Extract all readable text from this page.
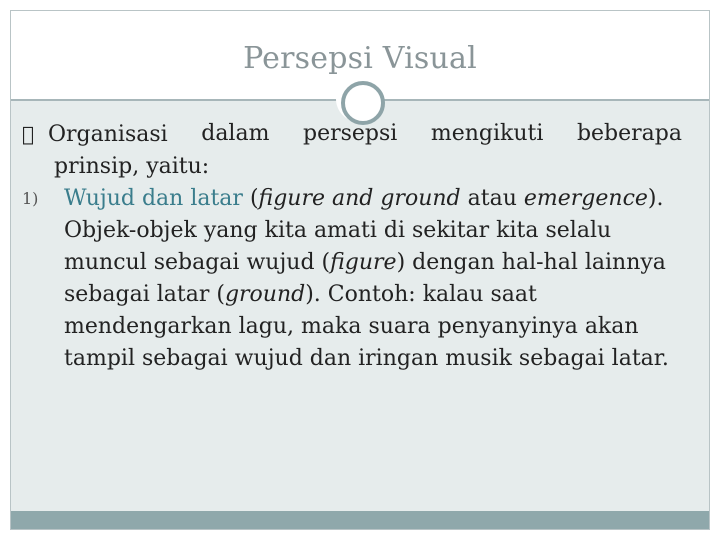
Persepsi Visual
  Organisasi dalam persepsi mengikuti beberapa
prinsip, yaitu:
1) Wujud dan latar (figure and ground atau emergence). Objek-objek yang kita amati di sekitar kita selalu muncul sebagai wujud (figure) dengan hal-hal lainnya sebagai latar (ground). Contoh: kalau saat mendengarkan lagu, maka suara penyanyinya akan tampil sebagai wujud dan iringan musik sebagai latar.
